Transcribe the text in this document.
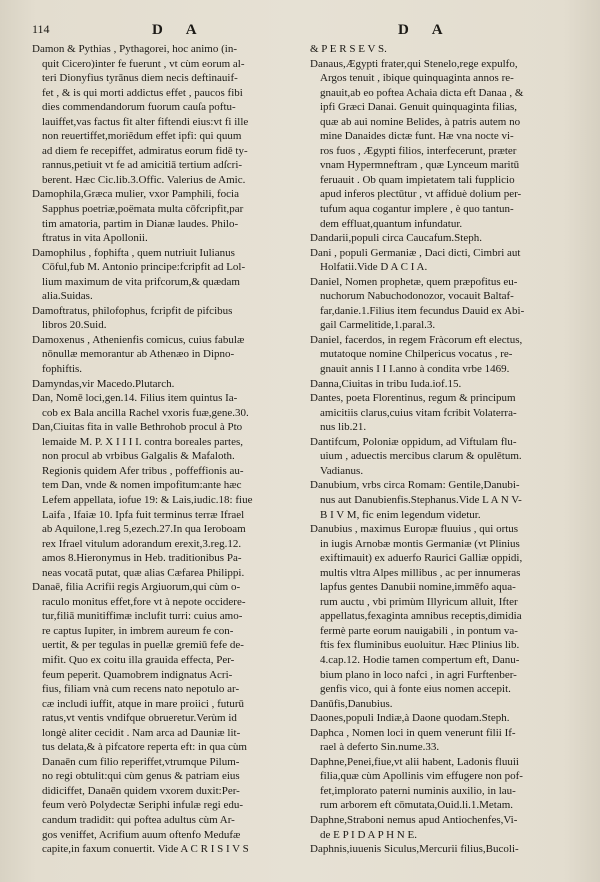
114	D A	D A
Damon & Pythias , Pythagorei, hoc animo (in-
quit Cicero)inter fe fuerunt , vt cùm eorum al-
teri Dionyfius tyrānus diem necis deftinauif-
fet , & is qui morti addictus effet , paucos fibi
dies commendandorum fuorum cauſa poftu-
lauiffet,vas factus fit alter fiftendi eius:vt fi ille
non reuertiffet,moriẽdum effet ipfi: qui quum
ad diem fe recepiffet, admiratus eorum fidē ty-
rannus,petiuit vt fe ad amicitiā tertium adſcri-
berent. Hæc Cic.lib.3.Offic. Valerius de Amic.
Damophila,Græca mulier, vxor Pamphili, focia
Sapphus poetriæ,poëmata multa cōfcripfit,par
tim amatoria, partim in Dianæ laudes. Philo-
ftratus in vita Apollonii.
Damophilus , fophifta , quem nutriuit Iulianus
Cōful,fub M. Antonio principe:fcripfit ad Lol-
lium maximum de vita prifcorum,& quædam
alia.Suidas.
Damoftratus, philofophus, fcripfit de pifcibus
libros 20.Suid.
Damoxenus , Athenienfis comicus, cuius fabulæ
nōnullæ memorantur ab Athenæo in Dipno-
fophiftis.
Damyndas,vir Macedo.Plutarch.
Dan, Nomē loci,gen.14. Filius item quintus Ia-
cob ex Bala ancilla Rachel vxoris fuæ,gene.30.
Dan,Ciuitas fita in valle Bethrohob procul à Pto
lemaide M. P. X I I I I. contra boreales partes,
non procul ab vrbibus Galgalis & Mafaloth.
Regionis quidem Afer tribus , poffeffionis au-
tem Dan, vnde & nomen impofitum:ante hæc
Lefem appellata, iofue 19: & Lais,iudic.18: fiue
Laifa , Ifaiæ 10. Ipfa fuit terminus terræ Ifrael
ab Aquilone,1.reg 5,ezech.27.In qua Ieroboam
rex Ifrael vitulum adorandum erexit,3.reg.12.
amos 8.Hieronymus in Heb. traditionibus Pa-
neas vocatā putat, quæ alias Cæfarea Philippi.
Danaē, filia Acrifii regis Argiuorum,qui cùm o-
raculo monitus effet,fore vt à nepote occidere-
tur,filiā munitiffimæ inclufit turri: cuius amo-
re captus Iupiter, in imbrem aureum fe con-
uertit, & per tegulas in puellæ gremiū fefe de-
mifit. Quo ex coitu illa grauida effecta, Per-
feum peperit. Quamobrem indignatus Acri-
fius, filiam vnà cum recens nato nepotulo ar-
cæ includi iuffit, atque in mare proiici , futurū
ratus,vt ventis vndifque obrueretur.Verùm id
longè aliter cecidit . Nam arca ad Dauniæ lit-
tus delata,& à pifcatore reperta eft: in qua cùm
Danaēn cum filio reperiffet,vtrumque Pilum-
no regi obtulit:qui cùm genus & patriam eius
didiciffet, Danaēn quidem vxorem duxit:Per-
feum verò Polydectæ Seriphi infulæ regi edu-
candum tradidit: qui poftea adultus cùm Ar-
gos veniffet, Acrifium auum oftenfo Medufæ
capite,in faxum conuertit. Vide A C R I S I V S
& P E R S E V S.
Danaus,Ægypti frater,qui Stenelo,rege expulfo,
Argos tenuit , ibique quinquaginta annos re-
gnauit,ab eo poftea Achaia dicta eft Danaa , &
ipfi Græci Danai. Genuit quinquaginta filias,
quæ ab aui nomine Belides, à patris autem no
mine Danaides dictæ funt. Hæ vna nocte vi-
ros fuos , Ægypti filios, interfecerunt, præter
vnam Hypermneftram , quæ Lynceum maritū
feruauit . Ob quam impietatem tali fupplicio
apud inferos plectūtur , vt affiduè dolium per-
tufum aqua cogantur implere , è quo tantun-
dem effluat,quantum infundatur.
Dandarii,populi circa Caucafum.Steph.
Dani , populi Germaniæ , Daci dicti, Cimbri aut
Holfatii.Vide D A C I A.
Daniel, Nomen prophetæ, quem præpofitus eu-
nuchorum Nabuchodonozor, vocauit Baltaf-
far,danie.1.Filius item fecundus Dauid ex Abi-
gail Carmelitide,1.paral.3.
Daniel, facerdos, in regem Fràcorum eft electus,
mutatoque nomine Chilpericus vocatus , re-
gnauit annis I I I.anno à condita vrbe 1469.
Danna,Ciuitas in tribu Iuda.iof.15.
Dantes, poeta Florentinus, regum & principum
amicitiis clarus,cuius vitam fcribit Volaterra-
nus lib.21.
Dantifcum, Poloniæ oppidum, ad Viftulam flu-
uium , aduectis mercibus clarum & opulētum.
Vadianus.
Danubium, vrbs circa Romam: Gentile,Danubi-
nus aut Danubienfis.Stephanus.Vide L A N V-
B I V M, fic enim legendum videtur.
Danubius , maximus Europæ fluuius , qui ortus
in iugis Arnobæ montis Germaniæ (vt Plinius
exiftimauit) ex aduerfo Raurici Galliæ oppidi,
multis vltra Alpes millibus , ac per innumeras
lapfus gentes Danubii nomine,immēfo aqua-
rum auctu , vbi primùm Illyricum alluit, Ifter
appellatus,fexaginta amnibus receptis,dimidia
fermè parte eorum nauigabili , in pontum va-
ftis fex fluminibus euoluitur. Hæc Plinius lib.
4.cap.12. Hodie tamen compertum eft, Danu-
bium plano in loco nafci , in agri Furftenber-
genfis vico, qui à fonte eius nomen accepit.
Danūfis,Danubius.
Daones,populi Indiæ,à Daone quodam.Steph.
Daphca , Nomen loci in quem venerunt filii If-
rael à deferto Sin.nume.33.
Daphne,Penei,fiue,vt alii habent, Ladonis fluuii
filia,quæ cùm Apollinis vim effugere non pof-
fet,implorato paterni numinis auxilio, in lau-
rum arborem eft cōmutata,Ouid.li.1.Metam.
Daphne,Straboni nemus apud Antiochenfes,Vi-
de E P I D A P H N E.
Daphnis,iuuenis Siculus,Mercurii filius,Bucoli-
